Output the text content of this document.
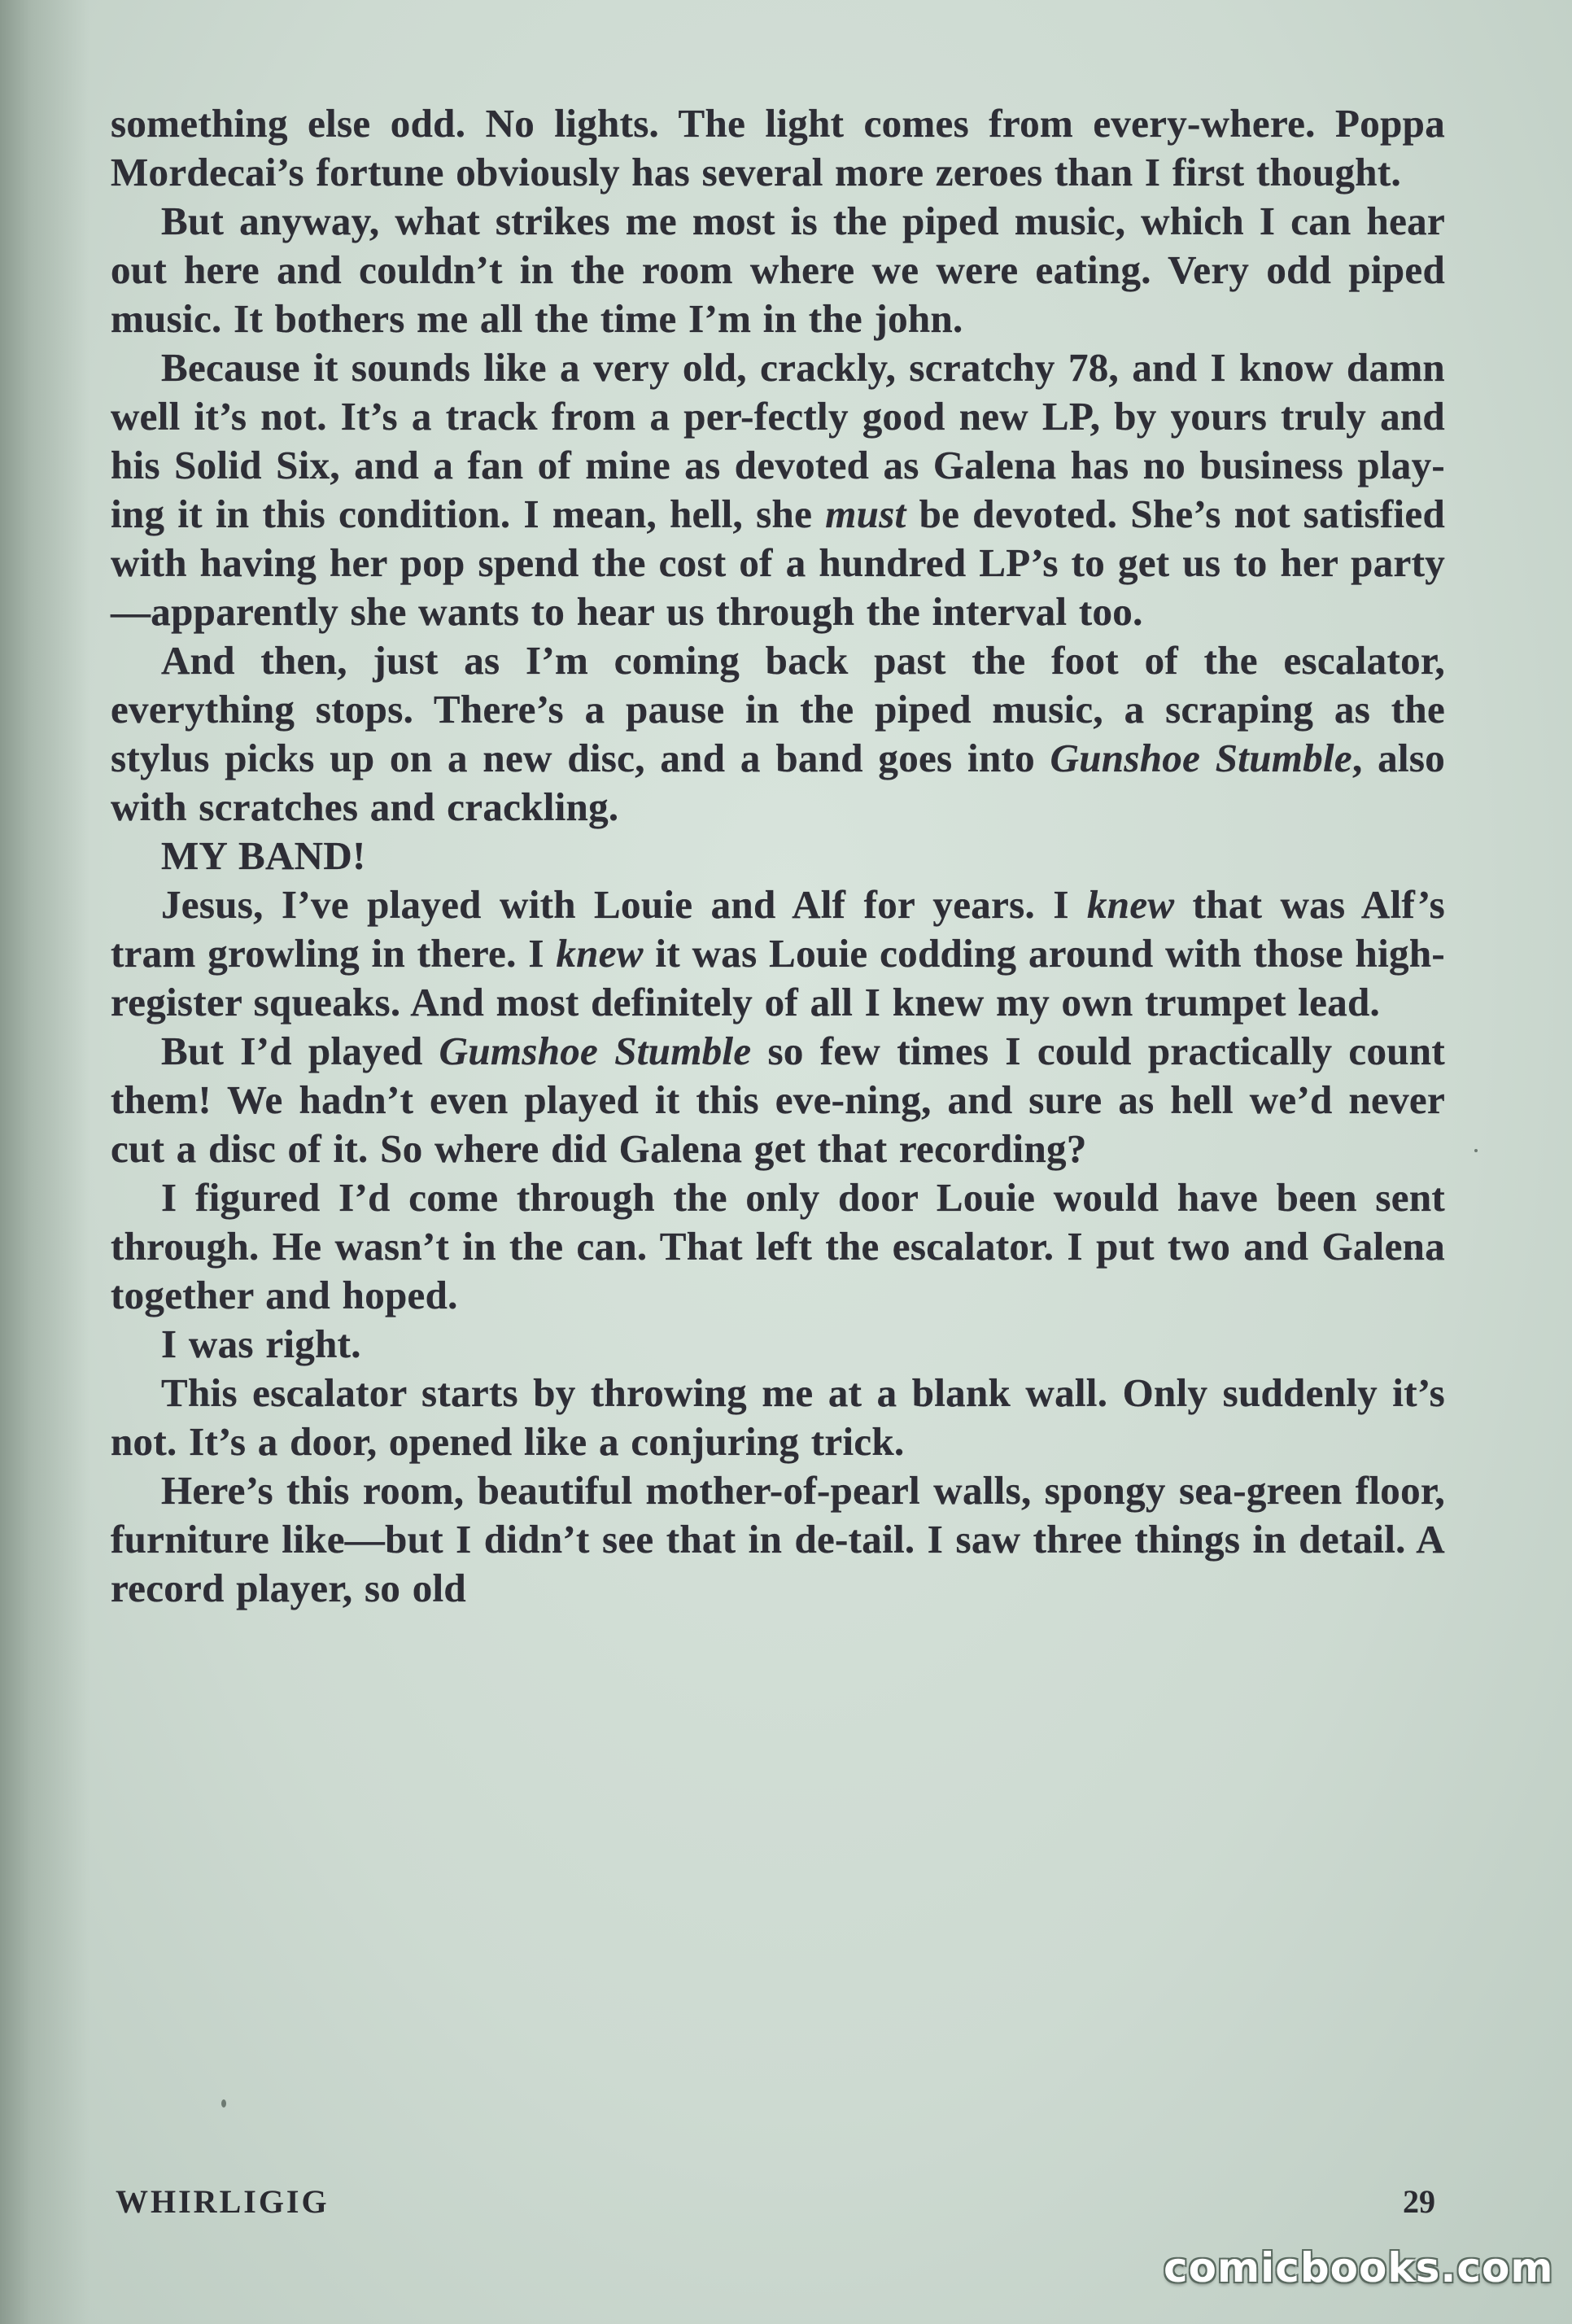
something else odd. No lights. The light comes from every-where. Poppa Mordecai’s fortune obviously has several more zeroes than I first thought.

But anyway, what strikes me most is the piped music, which I can hear out here and couldn’t in the room where we were eating. Very odd piped music. It bothers me all the time I’m in the john.

Because it sounds like a very old, crackly, scratchy 78, and I know damn well it’s not. It’s a track from a per-fectly good new LP, by yours truly and his Solid Six, and a fan of mine as devoted as Galena has no business play-ing it in this condition. I mean, hell, she must be devoted. She’s not satisfied with having her pop spend the cost of a hundred LP’s to get us to her party—apparently she wants to hear us through the interval too.

And then, just as I’m coming back past the foot of the escalator, everything stops. There’s a pause in the piped music, a scraping as the stylus picks up on a new disc, and a band goes into Gunshoe Stumble, also with scratches and crackling.

MY BAND!

Jesus, I’ve played with Louie and Alf for years. I knew that was Alf’s tram growling in there. I knew it was Louie codding around with those high-register squeaks. And most definitely of all I knew my own trumpet lead.

But I’d played Gumshoe Stumble so few times I could practically count them! We hadn’t even played it this eve-ning, and sure as hell we’d never cut a disc of it. So where did Galena get that recording?

I figured I’d come through the only door Louie would have been sent through. He wasn’t in the can. That left the escalator. I put two and Galena together and hoped.

I was right.

This escalator starts by throwing me at a blank wall. Only suddenly it’s not. It’s a door, opened like a conjuring trick.

Here’s this room, beautiful mother-of-pearl walls, spongy sea-green floor, furniture like—but I didn’t see that in de-tail. I saw three things in detail. A record player, so old

WHIRLIGIG	29
comicbooks.com
